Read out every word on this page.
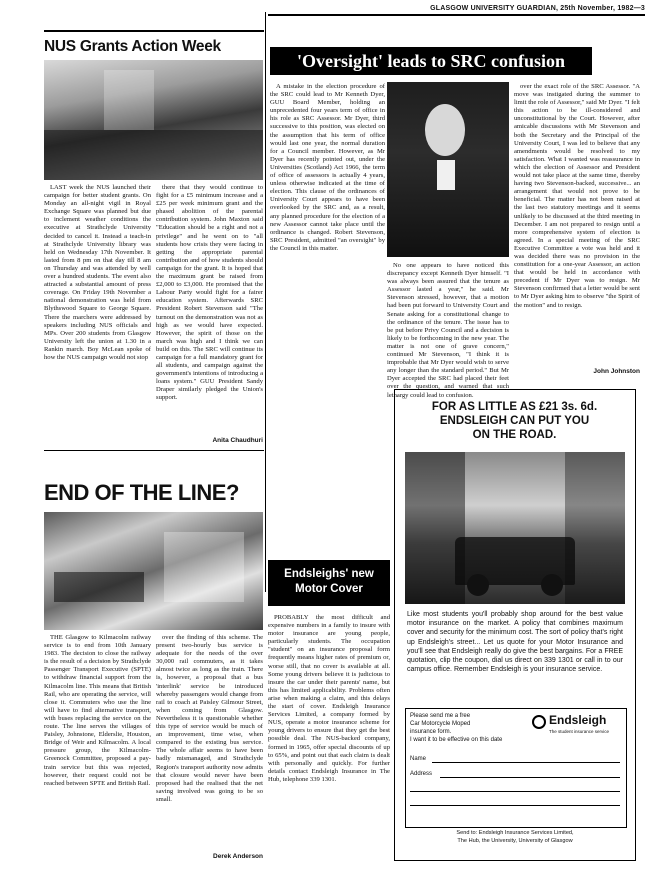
GLASGOW UNIVERSITY GUARDIAN, 25th November, 1982—3
NUS Grants Action Week

LAST week the NUS launched their campaign for better student grants. On Monday an all-night vigil in Royal Exchange Square was planned but due to inclement weather conditions the executive at Strathclyde University decided to cancel it. Instead a teach-in at Strathclyde University library was held on Wednesday 17th November. It lasted from 8 pm on that day till 8 am on Thursday and was attended by well over a hundred students. The event also attracted a substantial amount of press coverage. On Friday 19th November a national demonstration was held from Blythswood Square to George Square. There the marchers were addressed by speakers including NUS officials and MPs. Over 200 students from Glasgow University left the union at 1.30 in a Rankin march. Boy McLean spoke of how the NUS campaign would not stop

there that they would continue to fight for a £5 minimum increase and a £25 per week minimum grant and the phased abolition of the parental contribution system. John Maxton said "Education should be a right and not a privilege" and he went on to "all students how crisis they were facing in getting the appropriate parental contribution and of how students should campaign for the grant. It is hoped that the maximum grant be raised from £2,000 to £3,000. He promised that the Labour Party would fight for a fairer education system. Afterwards SRC President Robert Stevenson said "The turnout on the demonstration was not as high as we would have expected. However, the spirit of those on the march was high and I think we can build on this. The SRC will continue its campaign for a full mandatory grant for all students, and campaign against the government's intentions of introducing a loans system." GUU President Sandy Draper similarly pledged the Union's support.

Anita Chaudhuri
END OF THE LINE?

THE Glasgow to Kilmacolm railway service is to end from 10th January 1983. The decision to close the railway is the result of a decision by Strathclyde Passenger Transport Executive (SPTE) to withdraw financial support from the Kilmacolm line. This means that British Rail, who are operating the service, will close it. Commuters who use the line will have to find alternative transport, with buses replacing the service on the route. The line serves the villages of Paisley, Johnstone, Elderslie, Houston, Bridge of Weir and Kilmacolm. A local pressure group, the Kilmacolm-Greenock Committee, proposed a pay-train service but this was rejected, however, their request could not be reached between SPTE and British Rail.

over the finding of this scheme. The present two-hourly bus service is adequate for the needs of the over 30,000 rail commuters, as it takes almost twice as long as the train. There is, however, a proposal that a bus 'interlink' service be introduced whereby passengers would change from rail to coach at Paisley Gilmour Street, when coming from Glasgow. Nevertheless it is questionable whether this type of service would be much of an improvement, time wise, when compared to the existing bus service. The whole affair seems to have been badly mismanaged, and Strathclyde Region's transport authority now admits that closure would never have been proposed had the realised that the net saving involved was going to be so small.

Derek Anderson
'Oversight' leads to SRC confusion

A mistake in the election procedure of the SRC could lead to Mr Kenneth Dyer, GUU Board Member, holding an unprecedented four years term of office in his role as SRC Assessor. Mr Dyer, third successive to this position, was elected on the assumption that his term of office would last one year, the normal duration for a Council member. However, as Mr Dyer has recently pointed out, under the Universities (Scotland) Act 1966, the term of office of assessors is actually 4 years, unless otherwise indicated at the time of election. This clause of the ordinances of University Court appears to have been overlooked by the SRC and, as a result, any planned procedure for the election of a new Assessor cannot take place until the ordinance is changed. Robert Stevenson, SRC President, admitted "an oversight" by the Council in this matter.

No one appears to have noticed this discrepancy except Kenneth Dyer himself. "I was always been assured that the tenure as Assessor lasted a year," he said. Mr Stevenson stressed, however, that a motion had been put forward to University Court and Senate asking for a constitutional change to the ordinance of the tenure. The issue has to be put before Privy Council and a decision is likely to be forthcoming in the new year. The matter is not one of grave concern," continued Mr Stevenson, "I think it is improbable that Mr Dyer would wish to serve any longer than the standard period." But Mr Dyer accepted the SRC had placed their feet over the question, and warned that such lethargy could lead to confusion.

over the exact role of the SRC Assessor. "A move was instigated during the summer to limit the role of Assessor," said Mr Dyer. "I felt this action to be ill-considered and unconstitutional by the Court. However, after amicable discussions with Mr Stevenson and both the Secretary and the Principal of the University Court, I was led to believe that any amendments would be resolved to my satisfaction. What I wanted was reassurance in which the election of Assessor and President would not take place at the same time, thereby having two Stevenson-backed, successive... an arrangement that would not prove to be beneficial. The matter has not been raised at the last two statutory meetings and it seems unlikely to be discussed at the third meeting in December. I am not prepared to resign until a more comprehensive system of election is agreed. In a special meeting of the SRC Executive Committee a vote was held and it was decided there was no provision in the constitution for a one-year Assessor, an action that would be held in accordance with precedent if Mr Dyer was to resign. Mr Stevenson confirmed that a letter would be sent to Mr Dyer asking him to observe "the Spirit of the motion" and to resign.

John Johnston
Endsleighs' new
Motor Cover

PROBABLY the most difficult and expensive numbers in a family to insure with motor insurance are young people, particularly students. The occupation "student" on an insurance proposal form frequently means higher rates of premium or, worse still, that no cover is available at all. Some young drivers believe it is judicious to insure the car under their parents' name, but this has limited applicability. Problems often arise when making a claim, and this delays the start of cover. Endsleigh Insurance Services Limited, a company formed by NUS, operate a motor insurance scheme for young drivers to ensure that they get the best possible deal. The NUS-backed company, formed in 1965, offer special discounts of up to 65%, and point out that each claim is dealt with personally and quickly. For further details contact Endsleigh Insurance in The Hub, telephone 339 1301.

FOR AS LITTLE AS £21 3s. 6d.
ENDSLEIGH CAN PUT YOU
ON THE ROAD.

Like most students you'll probably shop around for the best value motor insurance on the market. A policy that combines maximum cover and security for the minimum cost. The sort of policy that's right up Endsleigh's street... Let us quote for your Motor Insurance and you'll see that Endsleigh really do give the best bargains. For a FREE quotation, clip the coupon, dial us direct on 339 1301 or call in to our campus office. Remember Endsleigh is your insurance service.

Please send me a free
Car Motorcycle Moped
insurance form.
I want it to be effective on this date
Endsleigh
The student insurance service
Name
Address
Send to: Endsleigh Insurance Services Limited,
The Hub, the University, University of Glasgow
